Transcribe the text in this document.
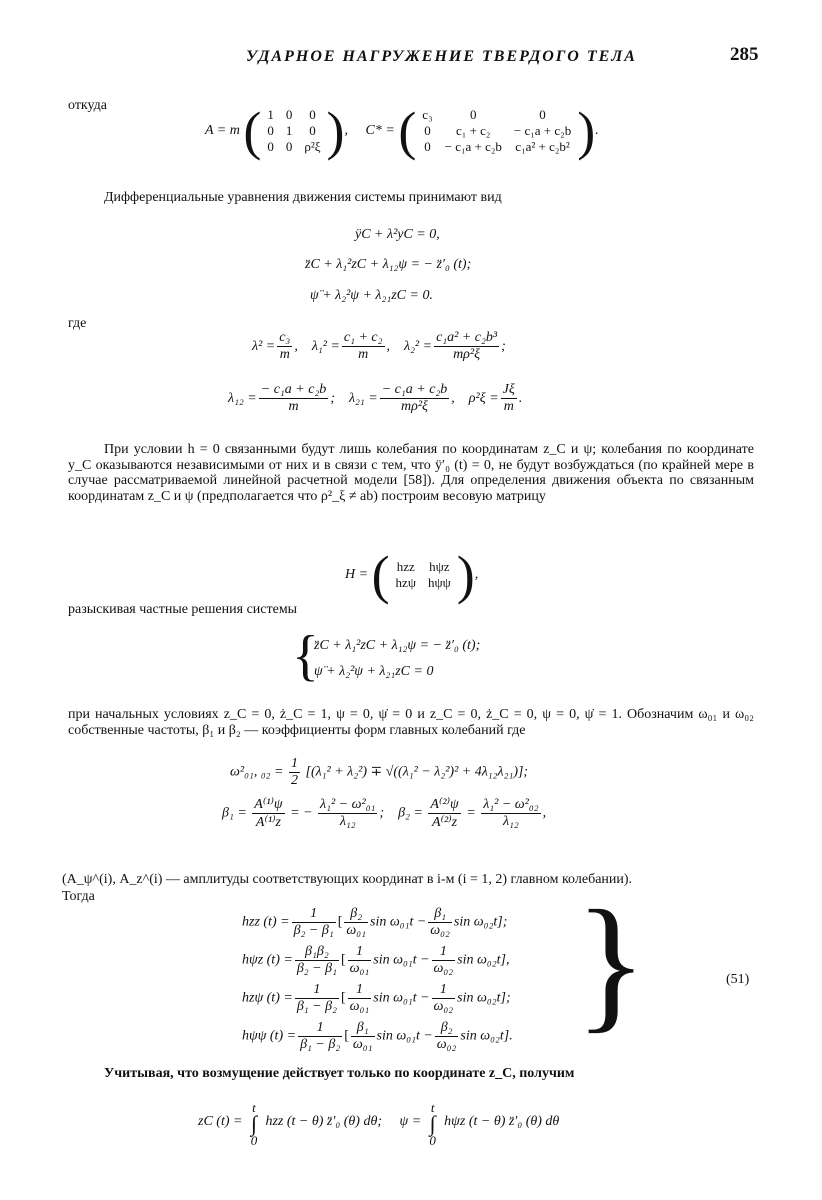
УДАРНОЕ НАГРУЖЕНИЕ ТВЕРДОГО ТЕЛА	285
откуда
A = m ( 1	0	0
0	1	0
0	0	ρ²ξ ),     C* = ( c₃	0	0
0	c₁ + c₂	− c₁a + c₂b
0	− c₁a + c₂b	c₁a² + c₂b² ).
Дифференциальные уравнения движения системы принимают вид
ÿC + λ²yC = 0,
z̈C + λ₁²zC + λ₁₂ψ = − z̈′₀ (t);
ψ̈ + λ₂²ψ + λ₂₁zC = 0.
где
$\lambda^2 = \frac{\text{c₃}}{m}$ , $\lambda_1^2 = \frac{\text{c₁ + c₂}}{m}$ , $\lambda_2^2 = \frac{\text{c₁a² + c₂b³}}{\text{mρ²ξ}}$ ;
$\lambda_{12} = \frac{\text{− c₁a + c₂b}}{m}$ ; $\lambda_{21} = \frac{\text{− c₁a + c₂b}}{\text{mρ²ξ}}$ , $\rho^2\xi = \frac{J\xi}{m}$ .
При условии h = 0 связанными будут лишь колебания по координатам z_C и ψ; колебания по координате y_C оказываются независимыми от них и в связи с тем, что ÿ′₀ (t) = 0, не будут возбуждаться (по крайней мере в случае рассматриваемой линейной расчетной модели [58]). Для определения движения объекта по связанным координатам z_C и ψ (предполагается что ρ²_ξ ≠ ab) построим весовую матрицу
H = ( hzz	hψz
hzψ	hψψ ),
разыскивая частные решения системы
{
z̈C + λ₁²zC + λ₁₂ψ = − z̈′₀ (t);
ψ̈ + λ₂²ψ + λ₂₁zC = 0
при начальных условиях z_C = 0, ż_C = 1, ψ = 0, ψ̇ = 0 и z_C = 0, ż_C = 0, ψ = 0, ψ̇ = 1. Обозначим ω₀₁ и ω₀₂ собственные частоты, β₁ и β₂ — коэффициенты форм главных колебаний где
ω²₀₁, $_{02} = \frac{1}{2} [(\lambda_1^2 + \lambda_2^2) \mp √((\lambda_1^2 - \lambda_2^2)^2 + 4\lambda_{12}\lambda_{21})]$;
$\beta_1 = \frac{\text{A⁽¹⁾ψ}}{\text{A⁽¹⁾z}}$ = − $\frac{\text{λ₁² − ω²₀₁}}{\text{λ₁₂}}$ ; $\beta_2 = \frac{\text{A⁽²⁾ψ}}{\text{A⁽²⁾z}} = \frac{\text{λ₁² − ω²₀₂}}{\text{λ₁₂}}$ ,
(A_ψ^(i), A_z^(i) — амплитуды соответствующих координат в i-м (i = 1, 2) главном колебании).
Тогда
hzz $(t) = \frac{1}{\text{β₂ − β₁}}$ [ $\frac{\text{β₂}}{\text{ω₀₁}}$ $\sin \omega_{01}t - \frac{\text{β₁}}{\text{ω₀₂}}$ sin ω₀₂t];
hψz $(t) = \frac{\text{β₁β₂}}{\text{β₂ − β₁}}$ [ $\frac{1}{\text{ω₀₁}}$ $\sin \omega_{01}t - \frac{1}{\text{ω₀₂}}$ sin ω₀₂t],
hzψ $(t) = \frac{1}{\text{β₁ − β₂}}$ [ $\frac{1}{\text{ω₀₁}}$ $\sin \omega_{01}t - \frac{1}{\text{ω₀₂}}$ sin ω₀₂t];
hψψ $(t) = \frac{1}{\text{β₁ − β₂}}$ [ $\frac{\text{β₁}}{\text{ω₀₁}}$ $\sin \omega_{01}t - \frac{\text{β₂}}{\text{ω₀₂}}$ sin ω₀₂t]. }	(51)
Учитывая, что возмущение действует только по координате z_C, получим
zC (t) =
t
∫
0
hzz (t − θ) z̈′₀ (θ) dθ; ψ =
t
∫
0
hψz (t − θ) z̈′₀ (θ) dθ
